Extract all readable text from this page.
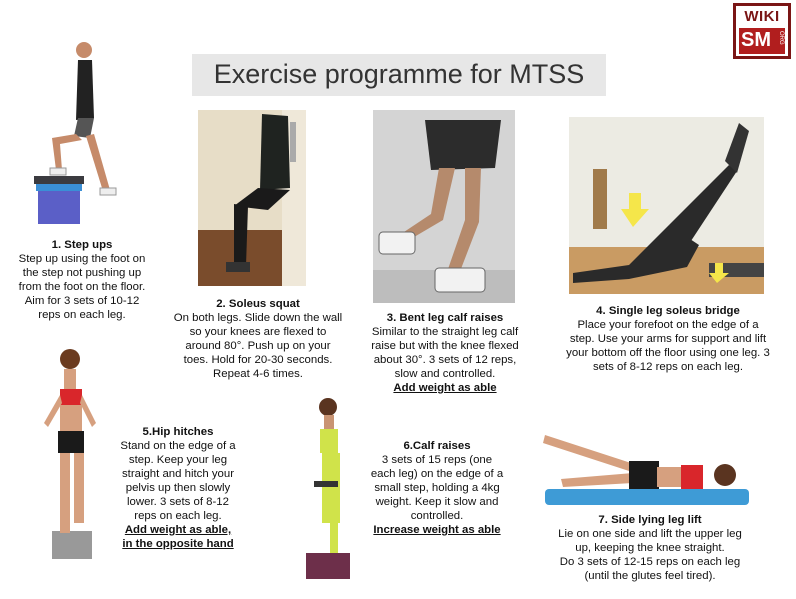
Exercise programme for MTSS
WIKI
SM ORG
1. Step ups
Step up using the foot on
the step not pushing up
from the foot on the floor.
Aim for 3 sets of 10-12
reps on each leg.
2. Soleus squat
On both legs. Slide down the wall
so your knees are flexed to
around 80°. Push up on your
toes. Hold for 20-30 seconds.
Repeat 4-6 times.
3. Bent leg calf raises
Similar to the straight leg calf
raise but with the knee flexed
about 30°. 3 sets of 12 reps,
slow and controlled.
Add weight as able
4. Single leg soleus bridge
Place your forefoot on the edge of a
step. Use your arms for support and lift
your bottom off the floor using one leg. 3
sets of 8-12 reps on each leg.
5.Hip hitches
Stand on the edge of a
step. Keep your leg
straight and hitch your
pelvis up then slowly
lower. 3 sets of 8-12
reps on each leg.
Add weight as able,
in the opposite hand
6.Calf raises
3 sets of 15 reps (one
each leg) on the edge of a
small step, holding a 4kg
weight. Keep it slow and
controlled.
Increase weight as able
7. Side lying leg lift
Lie on one side and lift the upper leg
up, keeping the knee straight.
Do 3 sets of 12-15 reps on each leg
(until the glutes feel tired).
